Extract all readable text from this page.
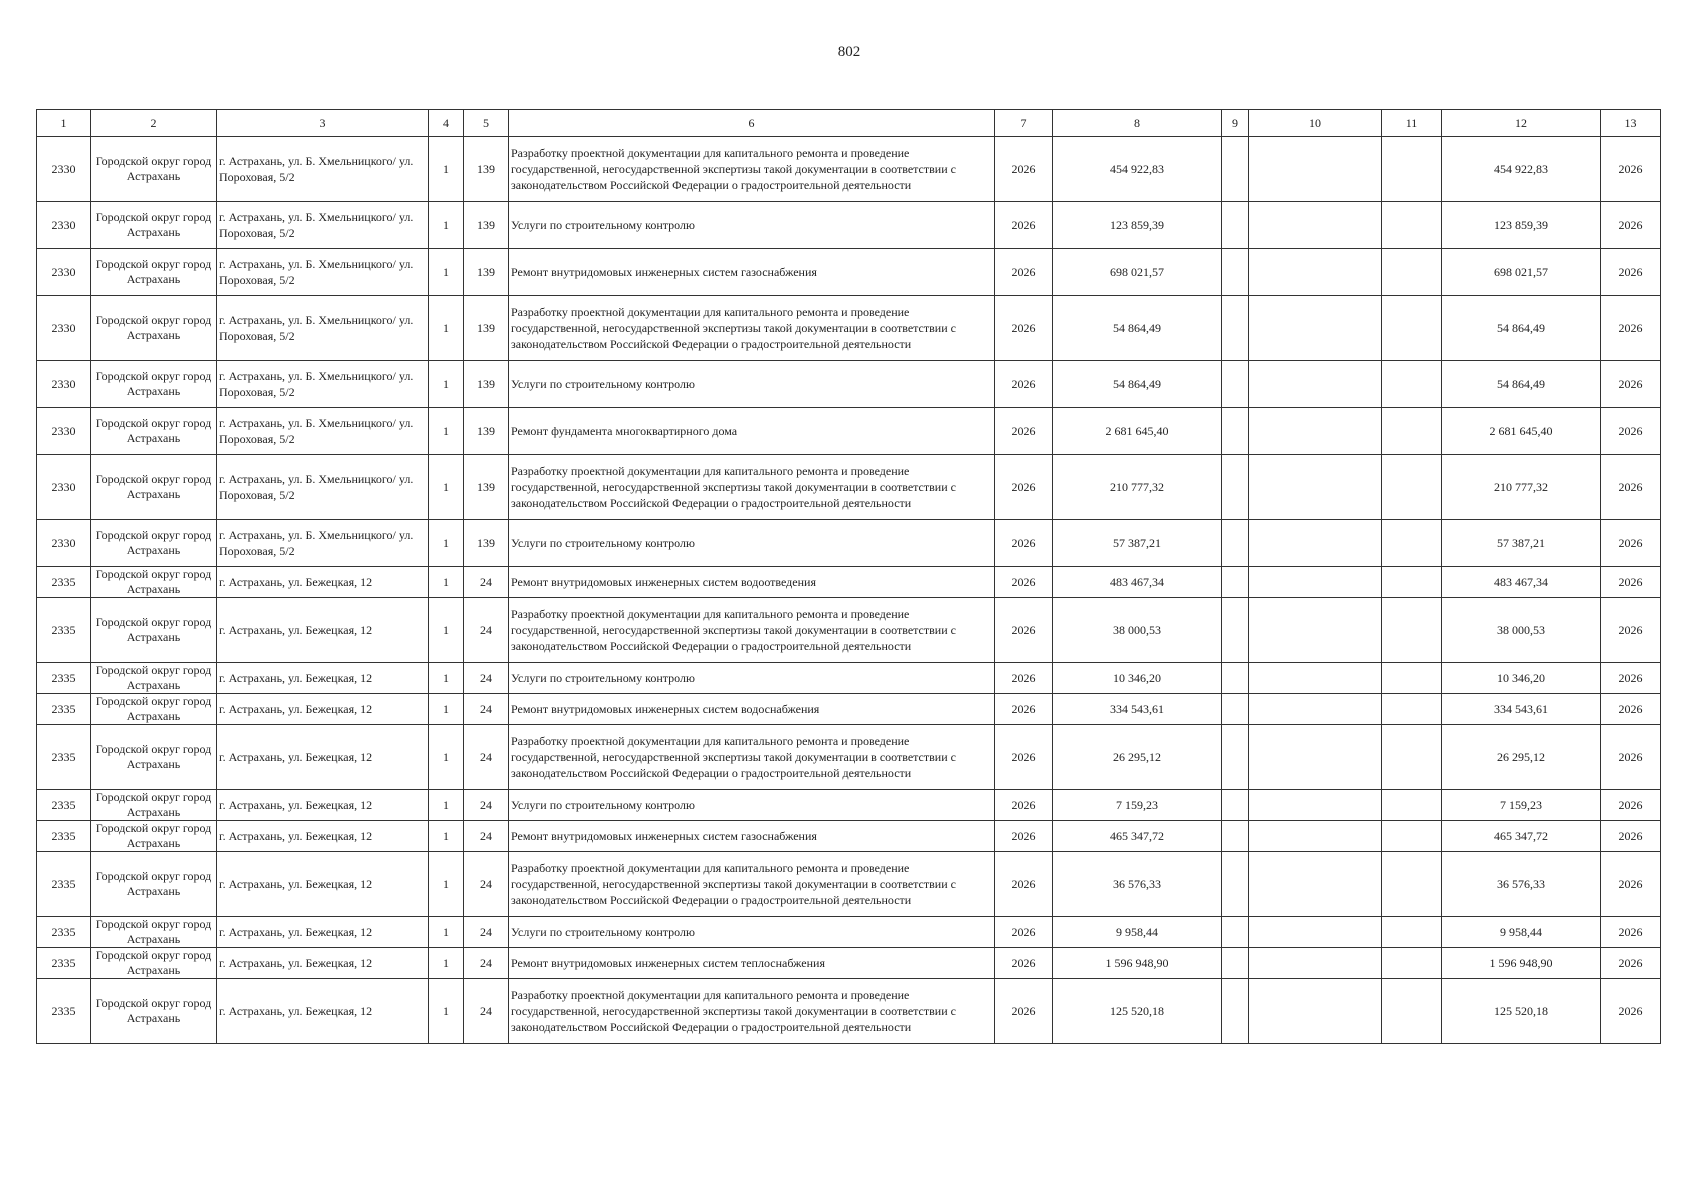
802
1	2	3	4	5	6	7	8	9	10	11	12	13
2330	Городской округ город Астрахань	г. Астрахань, ул. Б. Хмельницкого/ ул. Пороховая, 5/2	1	139	Разработку проектной документации для капитального ремонта и проведение государственной, негосударственной экспертизы такой документации в соответствии с законодательством Российской Федерации о градостроительной деятельности	2026	454 922,83				454 922,83	2026
2330	Городской округ город Астрахань	г. Астрахань, ул. Б. Хмельницкого/ ул. Пороховая, 5/2	1	139	Услуги по строительному контролю	2026	123 859,39				123 859,39	2026
2330	Городской округ город Астрахань	г. Астрахань, ул. Б. Хмельницкого/ ул. Пороховая, 5/2	1	139	Ремонт внутридомовых инженерных систем газоснабжения	2026	698 021,57				698 021,57	2026
2330	Городской округ город Астрахань	г. Астрахань, ул. Б. Хмельницкого/ ул. Пороховая, 5/2	1	139	Разработку проектной документации для капитального ремонта и проведение государственной, негосударственной экспертизы такой документации в соответствии с законодательством Российской Федерации о градостроительной деятельности	2026	54 864,49				54 864,49	2026
2330	Городской округ город Астрахань	г. Астрахань, ул. Б. Хмельницкого/ ул. Пороховая, 5/2	1	139	Услуги по строительному контролю	2026	54 864,49				54 864,49	2026
2330	Городской округ город Астрахань	г. Астрахань, ул. Б. Хмельницкого/ ул. Пороховая, 5/2	1	139	Ремонт фундамента многоквартирного дома	2026	2 681 645,40				2 681 645,40	2026
2330	Городской округ город Астрахань	г. Астрахань, ул. Б. Хмельницкого/ ул. Пороховая, 5/2	1	139	Разработку проектной документации для капитального ремонта и проведение государственной, негосударственной экспертизы такой документации в соответствии с законодательством Российской Федерации о градостроительной деятельности	2026	210 777,32				210 777,32	2026
2330	Городской округ город Астрахань	г. Астрахань, ул. Б. Хмельницкого/ ул. Пороховая, 5/2	1	139	Услуги по строительному контролю	2026	57 387,21				57 387,21	2026
2335	Городской округ город Астрахань	г. Астрахань, ул. Бежецкая, 12	1	24	Ремонт внутридомовых инженерных систем водоотведения	2026	483 467,34				483 467,34	2026
2335	Городской округ город Астрахань	г. Астрахань, ул. Бежецкая, 12	1	24	Разработку проектной документации для капитального ремонта и проведение государственной, негосударственной экспертизы такой документации в соответствии с законодательством Российской Федерации о градостроительной деятельности	2026	38 000,53				38 000,53	2026
2335	Городской округ город Астрахань	г. Астрахань, ул. Бежецкая, 12	1	24	Услуги по строительному контролю	2026	10 346,20				10 346,20	2026
2335	Городской округ город Астрахань	г. Астрахань, ул. Бежецкая, 12	1	24	Ремонт внутридомовых инженерных систем водоснабжения	2026	334 543,61				334 543,61	2026
2335	Городской округ город Астрахань	г. Астрахань, ул. Бежецкая, 12	1	24	Разработку проектной документации для капитального ремонта и проведение государственной, негосударственной экспертизы такой документации в соответствии с законодательством Российской Федерации о градостроительной деятельности	2026	26 295,12				26 295,12	2026
2335	Городской округ город Астрахань	г. Астрахань, ул. Бежецкая, 12	1	24	Услуги по строительному контролю	2026	7 159,23				7 159,23	2026
2335	Городской округ город Астрахань	г. Астрахань, ул. Бежецкая, 12	1	24	Ремонт внутридомовых инженерных систем газоснабжения	2026	465 347,72				465 347,72	2026
2335	Городской округ город Астрахань	г. Астрахань, ул. Бежецкая, 12	1	24	Разработку проектной документации для капитального ремонта и проведение государственной, негосударственной экспертизы такой документации в соответствии с законодательством Российской Федерации о градостроительной деятельности	2026	36 576,33				36 576,33	2026
2335	Городской округ город Астрахань	г. Астрахань, ул. Бежецкая, 12	1	24	Услуги по строительному контролю	2026	9 958,44				9 958,44	2026
2335	Городской округ город Астрахань	г. Астрахань, ул. Бежецкая, 12	1	24	Ремонт внутридомовых инженерных систем теплоснабжения	2026	1 596 948,90				1 596 948,90	2026
2335	Городской округ город Астрахань	г. Астрахань, ул. Бежецкая, 12	1	24	Разработку проектной документации для капитального ремонта и проведение государственной, негосударственной экспертизы такой документации в соответствии с законодательством Российской Федерации о градостроительной деятельности	2026	125 520,18				125 520,18	2026
